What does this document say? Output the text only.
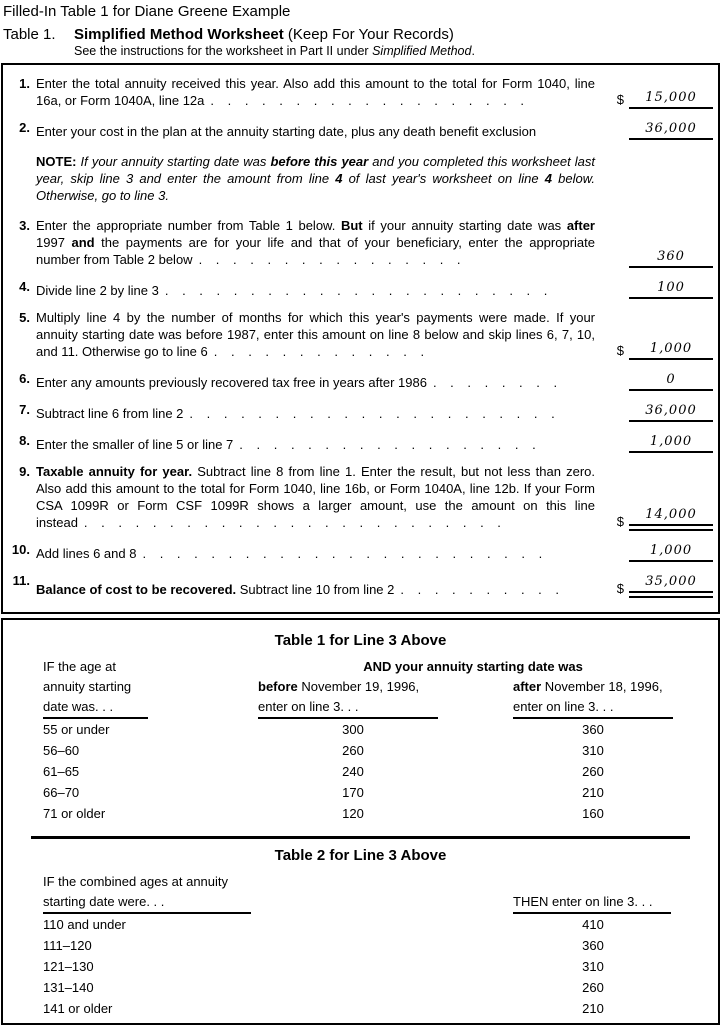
Filled-In Table 1 for Diane Greene Example
Table 1.	Simplified Method Worksheet (Keep For Your Records)
See the instructions for the worksheet in Part II under Simplified Method.
1. Enter the total annuity received this year. Also add this amount to the total for Form 1040, line 16a, or Form 1040A, line 12a . . . . . . . . . . . . . . . . . . .	$	15,000
2. Enter your cost in the plan at the annuity starting date, plus any death benefit exclusion	36,000
NOTE: If your annuity starting date was before this year and you completed this worksheet last year, skip line 3 and enter the amount from line 4 of last year's worksheet on line 4 below. Otherwise, go to line 3.
3. Enter the appropriate number from Table 1 below. But if your annuity starting date was after 1997 and the payments are for your life and that of your beneficiary, enter the appropriate number from Table 2 below . . . . . . . . . . . . . . . .	360
4. Divide line 2 by line 3 . . . . . . . . . . . . . . . . . . . . . . .	100
5. Multiply line 4 by the number of months for which this year's payments were made. If your annuity starting date was before 1987, enter this amount on line 8 below and skip lines 6, 7, 10, and 11. Otherwise go to line 6 . . . . . . . . . . . . .	$	1,000
6. Enter any amounts previously recovered tax free in years after 1986 . . . . . . . .	0
7. Subtract line 6 from line 2 . . . . . . . . . . . . . . . . . . . . . .	36,000
8. Enter the smaller of line 5 or line 7 . . . . . . . . . . . . . . . . . .	1,000
9. Taxable annuity for year. Subtract line 8 from line 1. Enter the result, but not less than zero. Also add this amount to the total for Form 1040, line 16b, or Form 1040A, line 12b. If your Form CSA 1099R or Form CSF 1099R shows a larger amount, use the amount on this line instead . . . . . . . . . . . . . . . . . . . . . . . . .	$	14,000
10. Add lines 6 and 8 . . . . . . . . . . . . . . . . . . . . . . . .	1,000
11.
Balance of cost to be recovered. Subtract line 10 from line 2 . . . . . . . . . .	$	35,000
Table 1 for Line 3 Above
IF the age at
annuity starting
date was. . .
AND your annuity starting date was
before November 19, 1996,
enter on line 3. . .
after November 18, 1996,
enter on line 3. . .
55 or under	300	360
56–60	260	310
61–65	240	260
66–70	170	210
71 or older	120	160
Table 2 for Line 3 Above
IF the combined ages at annuity
starting date were. . .	THEN enter on line 3. . .
110 and under	410
111–120	360
121–130	310
131–140	260
141 or older	210
